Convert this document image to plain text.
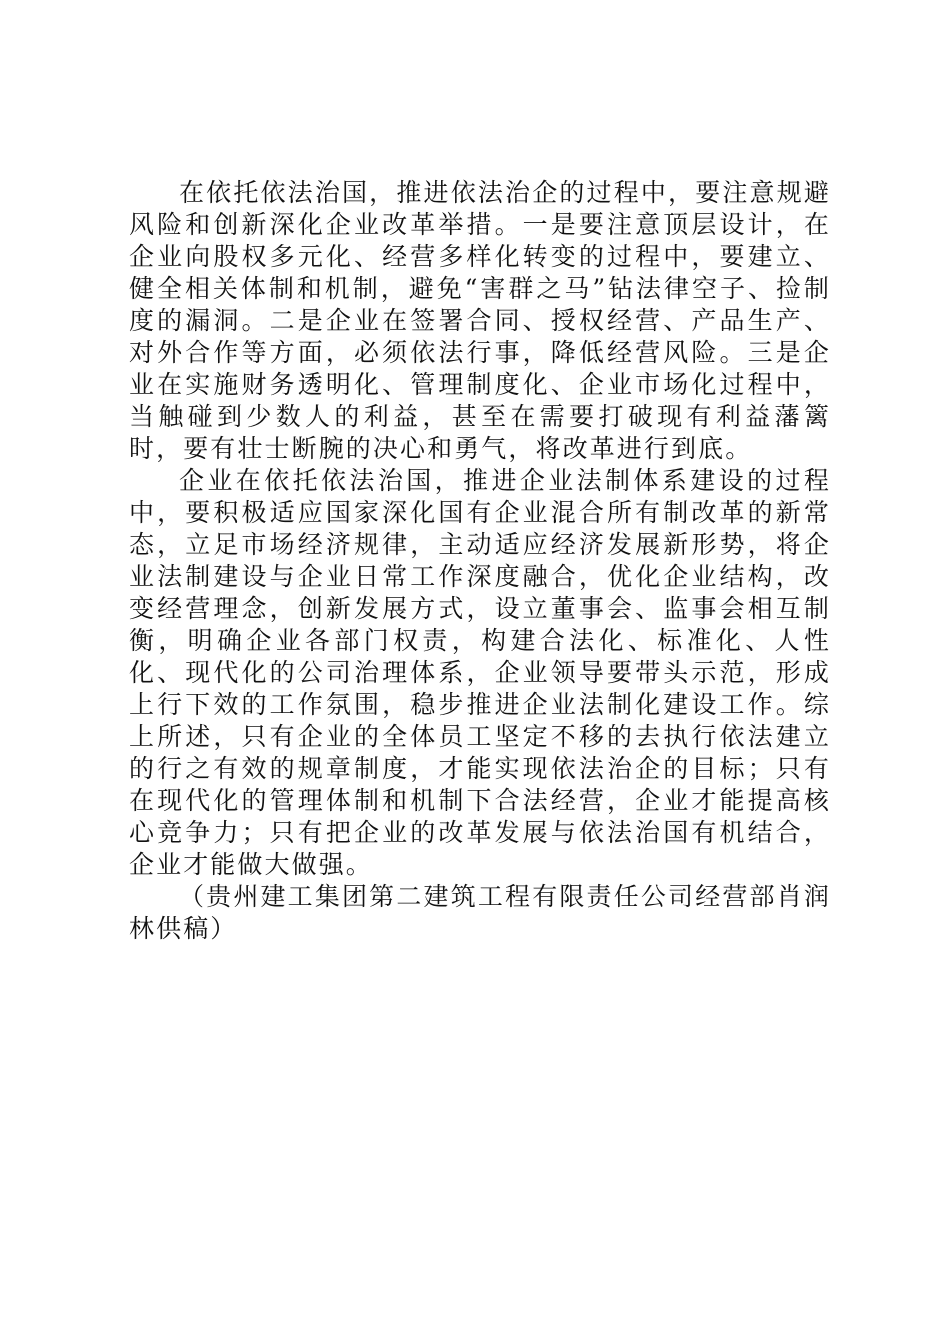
在依托依法治国，推进依法治企的过程中，要注意规避风险和创新深化企业改革举措。一是要注意顶层设计，在企业向股权多元化、经营多样化转变的过程中，要建立、健全相关体制和机制，避免“害群之马”钻法律空子、捡制度的漏洞。二是企业在签署合同、授权经营、产品生产、对外合作等方面，必须依法行事，降低经营风险。三是企业在实施财务透明化、管理制度化、企业市场化过程中，当触碰到少数人的利益，甚至在需要打破现有利益藩篱时，要有壮士断腕的决心和勇气，将改革进行到底。

企业在依托依法治国，推进企业法制体系建设的过程中，要积极适应国家深化国有企业混合所有制改革的新常态，立足市场经济规律，主动适应经济发展新形势，将企业法制建设与企业日常工作深度融合，优化企业结构，改变经营理念，创新发展方式，设立董事会、监事会相互制衡，明确企业各部门权责，构建合法化、标准化、人性化、现代化的公司治理体系，企业领导要带头示范，形成上行下效的工作氛围，稳步推进企业法制化建设工作。综上所述，只有企业的全体员工坚定不移的去执行依法建立的行之有效的规章制度，才能实现依法治企的目标；只有在现代化的管理体制和机制下合法经营，企业才能提高核心竞争力；只有把企业的改革发展与依法治国有机结合，企业才能做大做强。

（贵州建工集团第二建筑工程有限责任公司经营部肖润林供稿）
